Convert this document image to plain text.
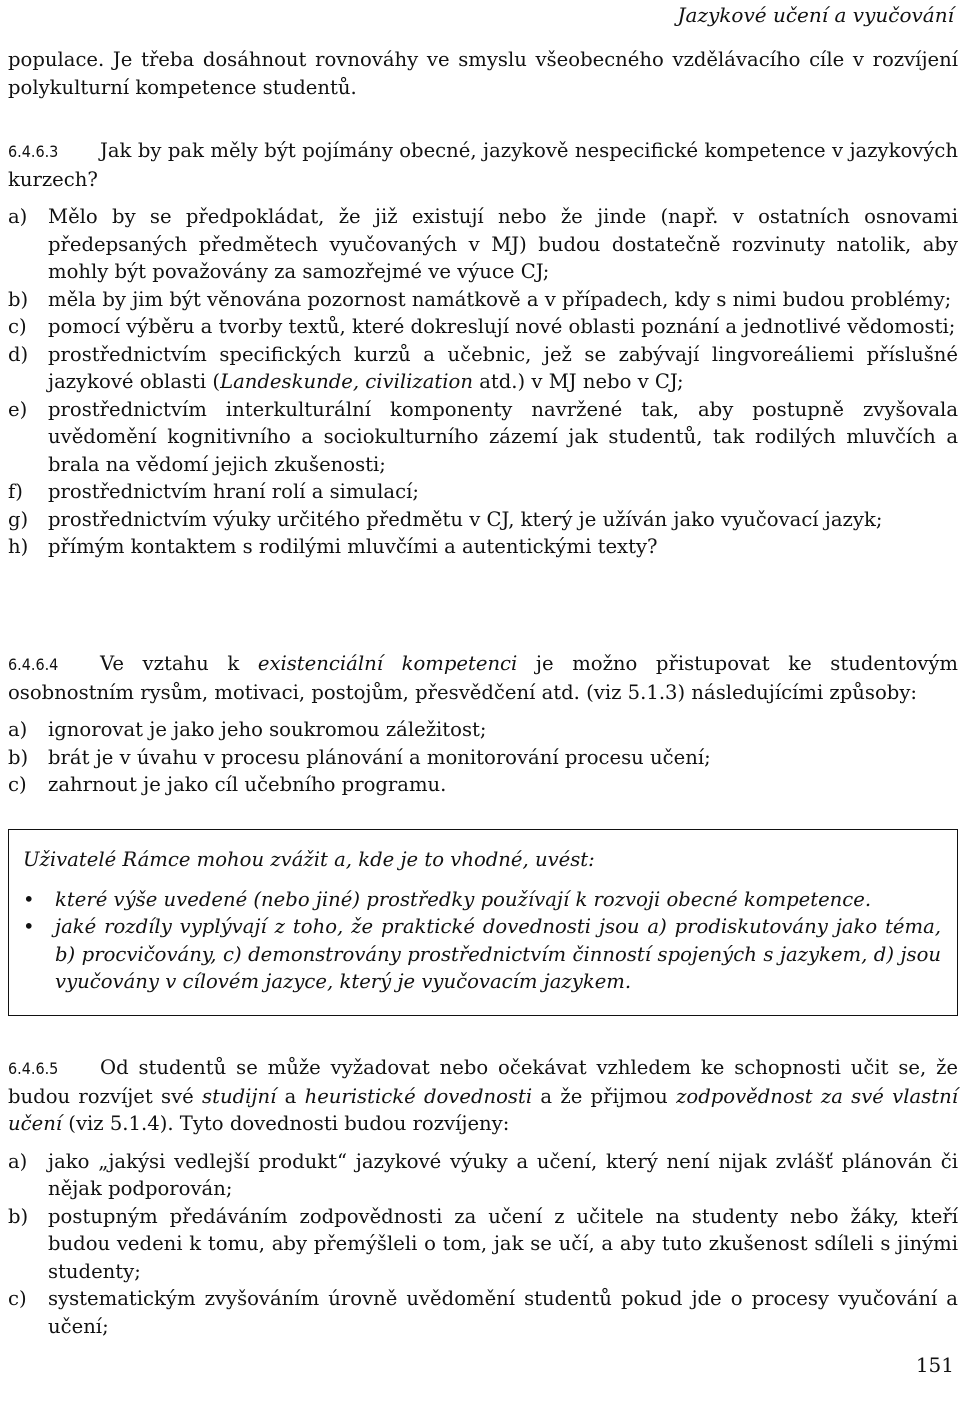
Jazykové učení a vyučování

populace. Je třeba dosáhnout rovnováhy ve smyslu všeobecného vzdělávacího cíle v rozvíjení polykulturní kompetence studentů.

6.4.6.3 Jak by pak měly být pojímány obecné, jazykově nespecifické kompetence v jazykových kurzech?

a)	Mělo by se předpokládat, že již existují nebo že jinde (např. v ostatních osnovami předepsaných předmětech vyučovaných v MJ) budou dostatečně rozvinuty natolik, aby mohly být považovány za samozřejmé ve výuce CJ;
b)	měla by jim být věnována pozornost namátkově a v případech, kdy s nimi budou problémy;
c)	pomocí výběru a tvorby textů, které dokreslují nové oblasti poznání a jednotlivé vědomosti;
d)	prostřednictvím specifických kurzů a učebnic, jež se zabývají lingvoreáliemi příslušné jazykové oblasti (Landeskunde, civilization atd.) v MJ nebo v CJ;
e)	prostřednictvím interkulturální komponenty navržené tak, aby postupně zvyšovala uvědomění kognitivního a sociokulturního zázemí jak studentů, tak rodilých mluvčích a brala na vědomí jejich zkušenosti;
f)	prostřednictvím hraní rolí a simulací;
g)	prostřednictvím výuky určitého předmětu v CJ, který je užíván jako vyučovací jazyk;
h)	přímým kontaktem s rodilými mluvčími a autentickými texty?

6.4.6.4 Ve vztahu k existenciální kompetenci je možno přistupovat ke studentovým osobnostním rysům, motivaci, postojům, přesvědčení atd. (viz 5.1.3) následujícími způsoby:

a)	ignorovat je jako jeho soukromou záležitost;
b)	brát je v úvahu v procesu plánování a monitorování procesu učení;
c)	zahrnout je jako cíl učebního programu.

Uživatelé Rámce mohou zvážit a, kde je to vhodné, uvést:

•	které výše uvedené (nebo jiné) prostředky používají k rozvoji obecné kompetence.
•	jaké rozdíly vyplývají z toho, že praktické dovednosti jsou a) prodiskutovány jako téma, b) procvičovány, c) demonstrovány prostřednictvím činností spojených s jazykem, d) jsou vyučovány v cílovém jazyce, který je vyučovacím jazykem.

6.4.6.5 Od studentů se může vyžadovat nebo očekávat vzhledem ke schopnosti učit se, že budou rozvíjet své studijní a heuristické dovednosti a že přijmou zodpovědnost za své vlastní učení (viz 5.1.4). Tyto dovednosti budou rozvíjeny:

a)	jako „jakýsi vedlejší produkt“ jazykové výuky a učení, který není nijak zvlášť plánován či nějak podporován;
b)	postupným předáváním zodpovědnosti za učení z učitele na studenty nebo žáky, kteří budou vedeni k tomu, aby přemýšleli o tom, jak se učí, a aby tuto zkušenost sdíleli s jinými studenty;
c)	systematickým zvyšováním úrovně uvědomění studentů pokud jde o procesy vyučování a učení;
151
